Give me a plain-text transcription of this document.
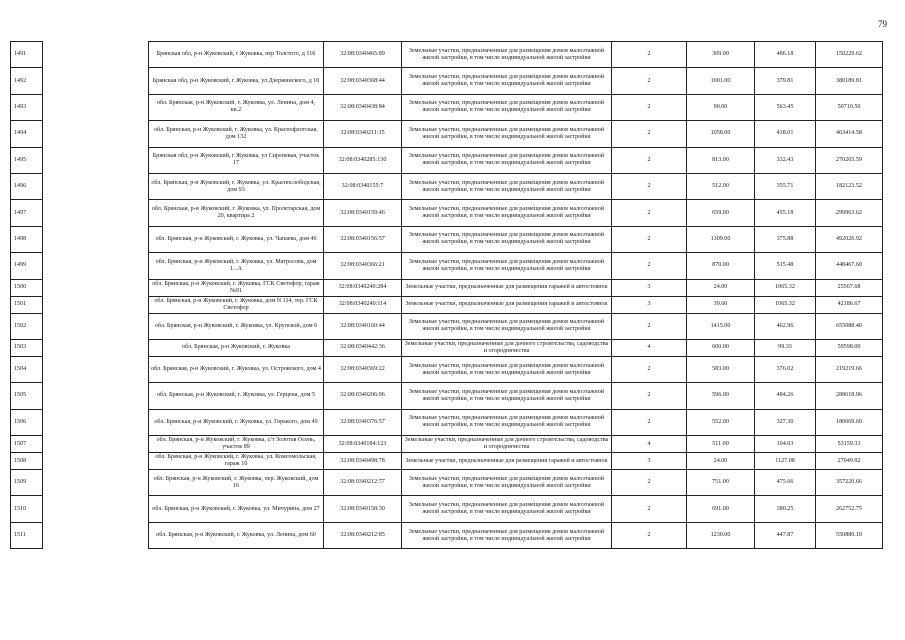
79
1491		Брянская обл, р-н Жуковский, г Жуковка, пер Толстого, д 11б	32:08:0340465:89	Земельные участки, предназначенные для размещения домов малоэтажной жилой застройки, в том числе индивидуальной жилой застройки	2	309.00	486.18	150229.62
1492		Брянская обл, р-н Жуковский, г Жуковка, ул Дзержинского, д 10	32:08:0340368:44	Земельные участки, предназначенные для размещения домов малоэтажной жилой застройки, в том числе индивидуальной жилой застройки	2	1001.00	379.81	380189.81
1493		обл. Брянская, р-н Жуковский, г. Жуковка, ул. Ленина, дом 4, кв.2	32:08:0340438:84	Земельные участки, предназначенные для размещения домов малоэтажной жилой застройки, в том числе индивидуальной жилой застройки	2	90.00	563.45	50710.50
1494		обл. Брянская, р-н Жуковский, г. Жуковка, ул. Краснофлотская, дом 132	32:08:0340211:15	Земельные участки, предназначенные для размещения домов малоэтажной жилой застройки, в том числе индивидуальной жилой застройки	2	1058.00	438.01	463414.58
1495		Брянская обл, р-н Жуковский, г Жуковка, ул Сиреневая, участок 17	32:08:0340285:130	Земельные участки, предназначенные для размещения домов малоэтажной жилой застройки, в том числе индивидуальной жилой застройки	2	813.00	332.43	270265.59
1496		обл. Брянская, р-н Жуковский, г. Жуковка, ул. Краснослободская, дом 93	32:08:0340155:7	Земельные участки, предназначенные для размещения домов малоэтажной жилой застройки, в том числе индивидуальной жилой застройки	2	512.00	355.71	182123.52
1497		обл. Брянская, р-н Жуковский, г. Жуковка, ул. Пролетарская, дом 20, квартира 2	32:08:0340159:46	Земельные участки, предназначенные для размещения домов малоэтажной жилой застройки, в том числе индивидуальной жилой застройки	2	659.00	455.18	299963.62
1498		обл. Брянская, р-н Жуковский, г. Жуковка, ул. Чапаева, дом 46	32:08:0340156:57	Земельные участки, предназначенные для размещения домов малоэтажной жилой застройки, в том числе индивидуальной жилой застройки	2	1309.00	375.88	492026.92
1499		обл. Брянская, р-н Жуковский, г. Жуковка, ул. Матросова, дом 1...А	32:08:0340366:21	Земельные участки, предназначенные для размещения домов малоэтажной жилой застройки, в том числе индивидуальной жилой застройки	2	870.00	515.48	448467.60
1500		обл. Брянская, р-н Жуковский, г. Жуковка, ГСК Светофор, гараж №91	32:08:0340240:284	Земельные участки, предназначенные для размещения гаражей и автостоянок	3	24.00	1065.32	25567.68
1501		обл. Брянская, р-н Жуковский, г. Жуковка, дом N 114, тер. ГСК Светофор	32:08:0340240:114	Земельные участки, предназначенные для размещения гаражей и автостоянок	3	39.60	1065.32	42186.67
1502		обл. Брянская, р-н Жуковский, г. Жуковка, ул. Крупской, дом 6	32:08:0340160:44	Земельные участки, предназначенные для размещения домов малоэтажной жилой застройки, в том числе индивидуальной жилой застройки	2	1415.00	462.96	655088.40
1503		обл. Брянская, р-н Жуковский, г. Жуковка	32:08:0340442:36	Земельные участки, предназначенные для дачного строительства, садоводства и огородничества	4	600.00	99.33	59598.00
1504		обл. Брянская, р-н Жуковский, г. Жуковка, ул. Островского, дом 4	32:08:0340369:22	Земельные участки, предназначенные для размещения домов малоэтажной жилой застройки, в том числе индивидуальной жилой застройки	2	583.00	376.02	219219.66
1505		обл. Брянская, р-н Жуковский, г. Жуковка, ул. Герцена, дом 5	32:08:0340206:96	Земельные участки, предназначенные для размещения домов малоэтажной жилой застройки, в том числе индивидуальной жилой застройки	2	596.00	484.26	288618.96
1506		обл. Брянская, р-н Жуковский, г. Жуковка, ул. Горького, дом 49	32:08:0340376:57	Земельные участки, предназначенные для размещения домов малоэтажной жилой застройки, в том числе индивидуальной жилой застройки	2	552.00	327.30	180669.60
1507		обл. Брянская, р-н Жуковский, г. Жуковка, с/т Золотая Осень, участок 89	32:08:0340184:123	Земельные участки, предназначенные для дачного строительства, садоводства и огородничества	4	511.00	104.03	53159.33
1508		обл. Брянская, р-н Жуковский, г. Жуковка, ул. Комсомольская, гараж 10	32:08:0340498:78	Земельные участки, предназначенные для размещения гаражей и автостоянок	3	24.00	1127.08	27049.92
1509		обл. Брянская, р-н Жуковский, г. Жуковка, пер. Жуковский, дом 16	32:08:0340212:77	Земельные участки, предназначенные для размещения домов малоэтажной жилой застройки, в том числе индивидуальной жилой застройки	2	751.00	475.66	357220.66
1510		обл. Брянская, р-н Жуковский, г. Жуковка, ул. Мичурина, дом 27	32:08:0340158:30	Земельные участки, предназначенные для размещения домов малоэтажной жилой застройки, в том числе индивидуальной жилой застройки	2	691.00	380.25	262752.75
1511		обл. Брянская, р-н Жуковский, г. Жуковка, ул. Ленина, дом 60	32:08:0340212:85	Земельные участки, предназначенные для размещения домов малоэтажной жилой застройки, в том числе индивидуальной жилой застройки	2	1230.00	447.87	550880.10
